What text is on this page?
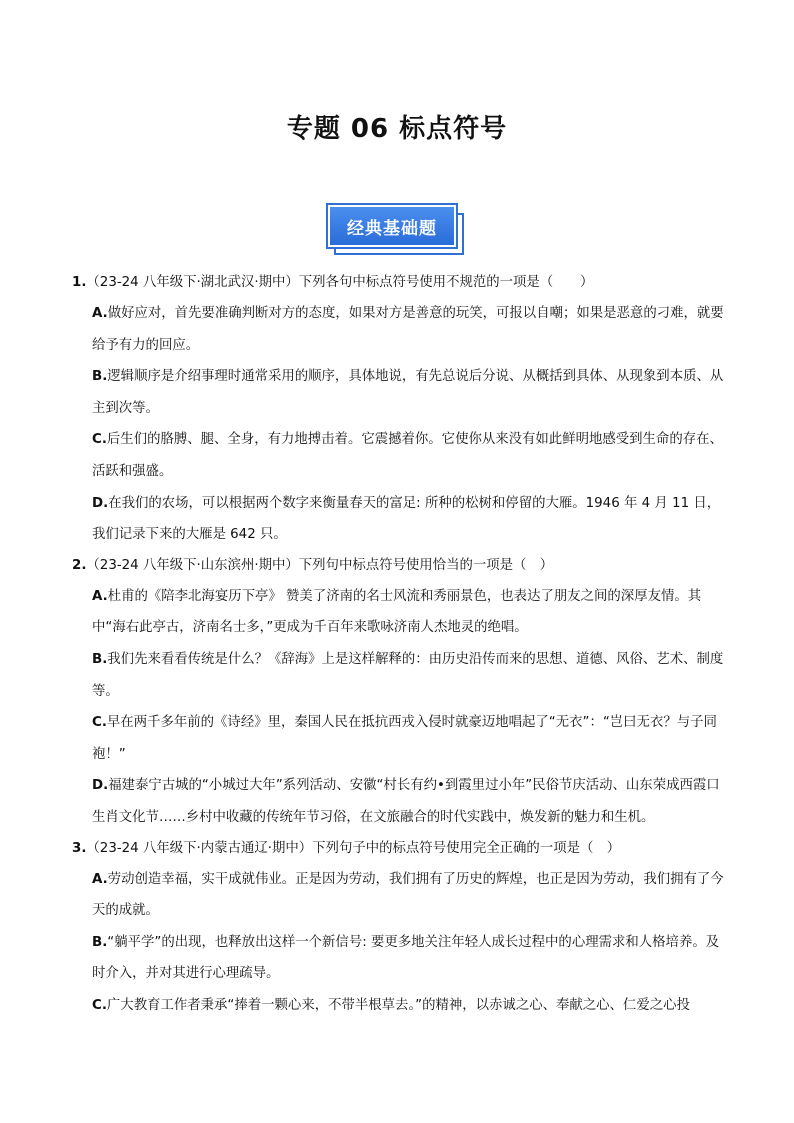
专题 06 标点符号
经典基础题
1.（23-24 八年级下·湖北武汉·期中）下列各句中标点符号使用不规范的一项是（　　）
A.做好应对，首先要准确判断对方的态度，如果对方是善意的玩笑，可报以自嘲；如果是恶意的刁难，就要给予有力的回应。
B.逻辑顺序是介绍事理时通常采用的顺序，具体地说，有先总说后分说、从概括到具体、从现象到本质、从主到次等。
C.后生们的胳膊、腿、全身，有力地搏击着。它震撼着你。它使你从来没有如此鲜明地感受到生命的存在、活跃和强盛。
D.在我们的农场，可以根据两个数字来衡量春天的富足: 所种的松树和停留的大雁。1946 年 4 月 11 日，我们记录下来的大雁是 642 只。
2.（23-24 八年级下·山东滨州·期中）下列句中标点符号使用恰当的一项是（　）
A.杜甫的《陪李北海宴历下亭》 赞美了济南的名士风流和秀丽景色，也表达了朋友之间的深厚友情。其中“海右此亭古，济南名士多，”更成为千百年来歌咏济南人杰地灵的绝唱。
B.我们先来看看传统是什么？《辞海》上是这样解释的：由历史沿传而来的思想、道德、风俗、艺术、制度等。
C.早在两千多年前的《诗经》里，秦国人民在抵抗西戎入侵时就豪迈地唱起了“无衣”：“岂曰无衣？与子同袍！”
D.福建泰宁古城的“小城过大年”系列活动、安徽“村长有约•到霞里过小年”民俗节庆活动、山东荣成西霞口生肖文化节……乡村中收藏的传统年节习俗，在文旅融合的时代实践中，焕发新的魅力和生机。
3.（23-24 八年级下·内蒙古通辽·期中）下列句子中的标点符号使用完全正确的一项是（　）
A.劳动创造幸福，实干成就伟业。正是因为劳动，我们拥有了历史的辉煌，也正是因为劳动，我们拥有了今天的成就。
B.“躺平学”的出现，也释放出这样一个新信号: 要更多地关注年轻人成长过程中的心理需求和人格培养。及时介入，并对其进行心理疏导。
C.广大教育工作者秉承“捧着一颗心来，不带半根草去。”的精神，以赤诚之心、奉献之心、仁爱之心投
